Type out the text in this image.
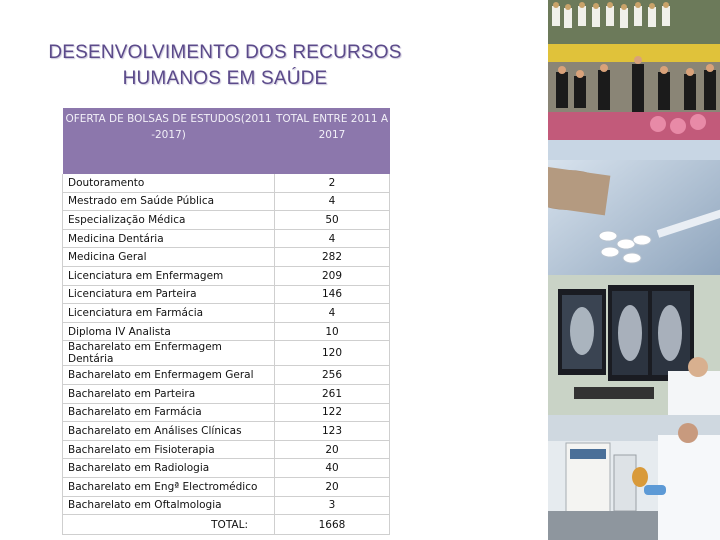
DESENVOLVIMENTO DOS RECURSOS
HUMANOS EM SAÚDE
OFERTA DE BOLSAS DE ESTUDOS(2011 -2017)	TOTAL ENTRE 2011 A 2017
Doutoramento	2
Mestrado em Saúde Pública	4
Especialização Médica	50
Medicina Dentária	4
Medicina Geral	282
Licenciatura em Enfermagem	209
Licenciatura em Parteira	146
Licenciatura em Farmácia	4
Diploma IV Analista	10
Bacharelato em Enfermagem Dentária	120
Bacharelato em Enfermagem Geral	256
Bacharelato em Parteira	261
Bacharelato em Farmácia	122
Bacharelato em Análises Clínicas	123
Bacharelato em Fisioterapia	20
Bacharelato em Radiologia	40
Bacharelato em Engª Electromédico	20
Bacharelato em Oftalmologia	3
TOTAL:	1668
